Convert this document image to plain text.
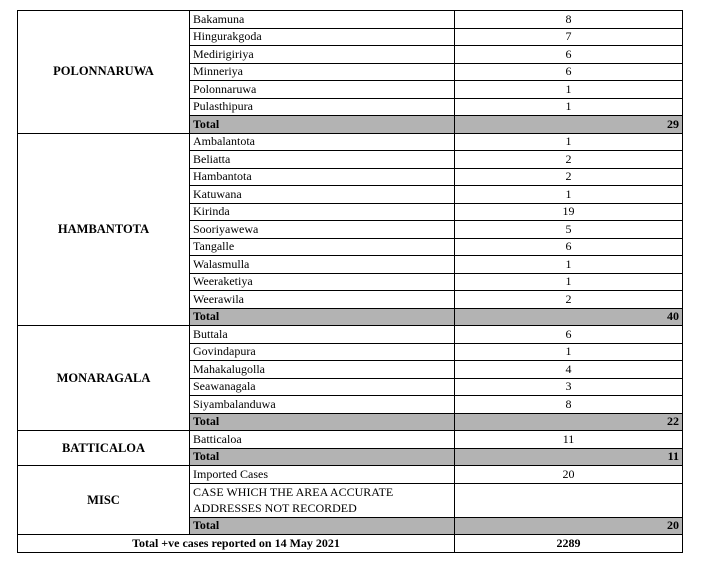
POLONNARUWA	Bakamuna	8
	Hingurakgoda	7
	Medirigiriya	6
	Minneriya	6
	Polonnaruwa	1
	Pulasthipura	1
	Total	29
HAMBANTOTA	Ambalantota	1
	Beliatta	2
	Hambantota	2
	Katuwana	1
	Kirinda	19
	Sooriyawewa	5
	Tangalle	6
	Walasmulla	1
	Weeraketiya	1
	Weerawila	2
	Total	40
MONARAGALA	Buttala	6
	Govindapura	1
	Mahakalugolla	4
	Seawanagala	3
	Siyambalanduwa	8
	Total	22
BATTICALOA	Batticaloa	11
	Total	11
MISC	Imported Cases	20
	CASE WHICH THE AREA ACCURATE ADDRESSES NOT RECORDED	
	Total	20
Total +ve cases reported on 14 May 2021		2289
